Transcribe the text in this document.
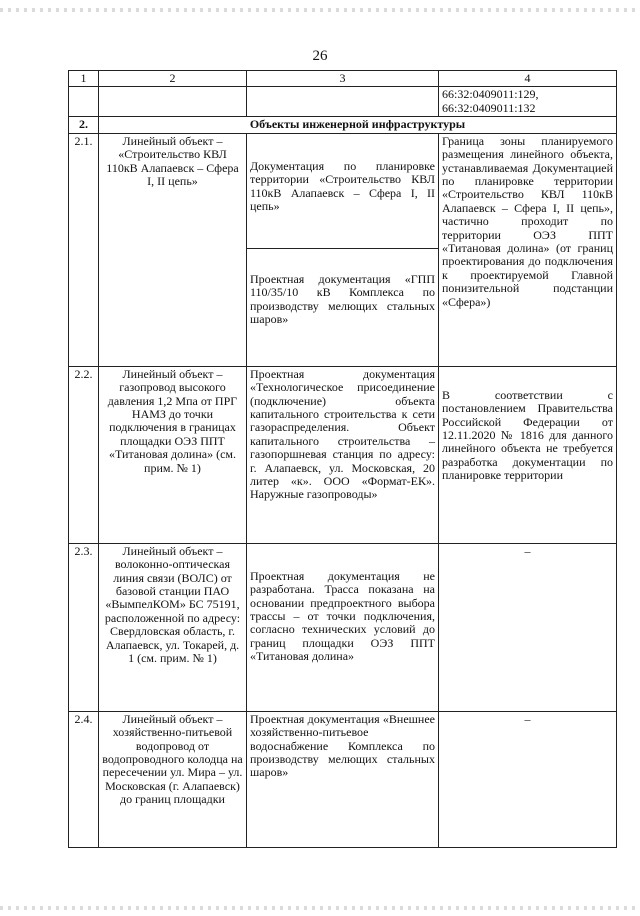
26
1	2	3	4
			66:32:0409011:129, 66:32:0409011:132
2.	Объекты инженерной инфраструктуры		
2.1.	Линейный объект – «Строительство КВЛ 110кВ Алапаевск – Сфера I, II цепь»	Документация по планировке территории «Строительство КВЛ 110кВ Алапаевск – Сфера I, II цепь»	Граница зоны планируемого размещения линейного объекта, устанавливаемая Документацией по планировке территории «Строительство КВЛ 110кВ Алапаевск – Сфера I, II цепь», частично проходит по территории ОЭЗ ППТ «Титановая долина» (от границ проектирования до подключения к проектируемой Главной понизительной подстанции «Сфера»)
		Проектная документация «ГПП 110/35/10 кВ Комплекса по производству мелющих стальных шаров»	
2.2.	Линейный объект – газопровод высокого давления 1,2 Мпа от ПРГ НАМЗ до точки подключения в границах площадки ОЭЗ ППТ «Титановая долина» (см. прим. № 1)	Проектная документация «Технологическое присоединение (подключение) объекта капитального строительства к сети газораспределения. Объект капитального строительства – газопоршневая станция по адресу: г. Алапаевск, ул. Московская, 20 литер «к». ООО «Формат-ЕК». Наружные газопроводы»	В соответствии с постановлением Правительства Российской Федерации от 12.11.2020 № 1816 для данного линейного объекта не требуется разработка документации по планировке территории
2.3.	Линейный объект – волоконно-оптическая линия связи (ВОЛС) от базовой станции ПАО «ВымпелКОМ» БС 75191, расположенной по адресу: Свердловская область, г. Алапаевск, ул. Токарей, д. 1 (см. прим. № 1)	Проектная документация не разработана. Трасса показана на основании предпроектного выбора трассы – от точки подключения, согласно технических условий до границ площадки ОЭЗ ППТ «Титановая долина»	–
2.4.	Линейный объект – хозяйственно-питьевой водопровод от водопроводного колодца на пересечении ул. Мира – ул. Московская (г. Алапаевск) до границ площадки	Проектная документация «Внешнее хозяйственно-питьевое водоснабжение Комплекса по производству мелющих стальных шаров»	–
